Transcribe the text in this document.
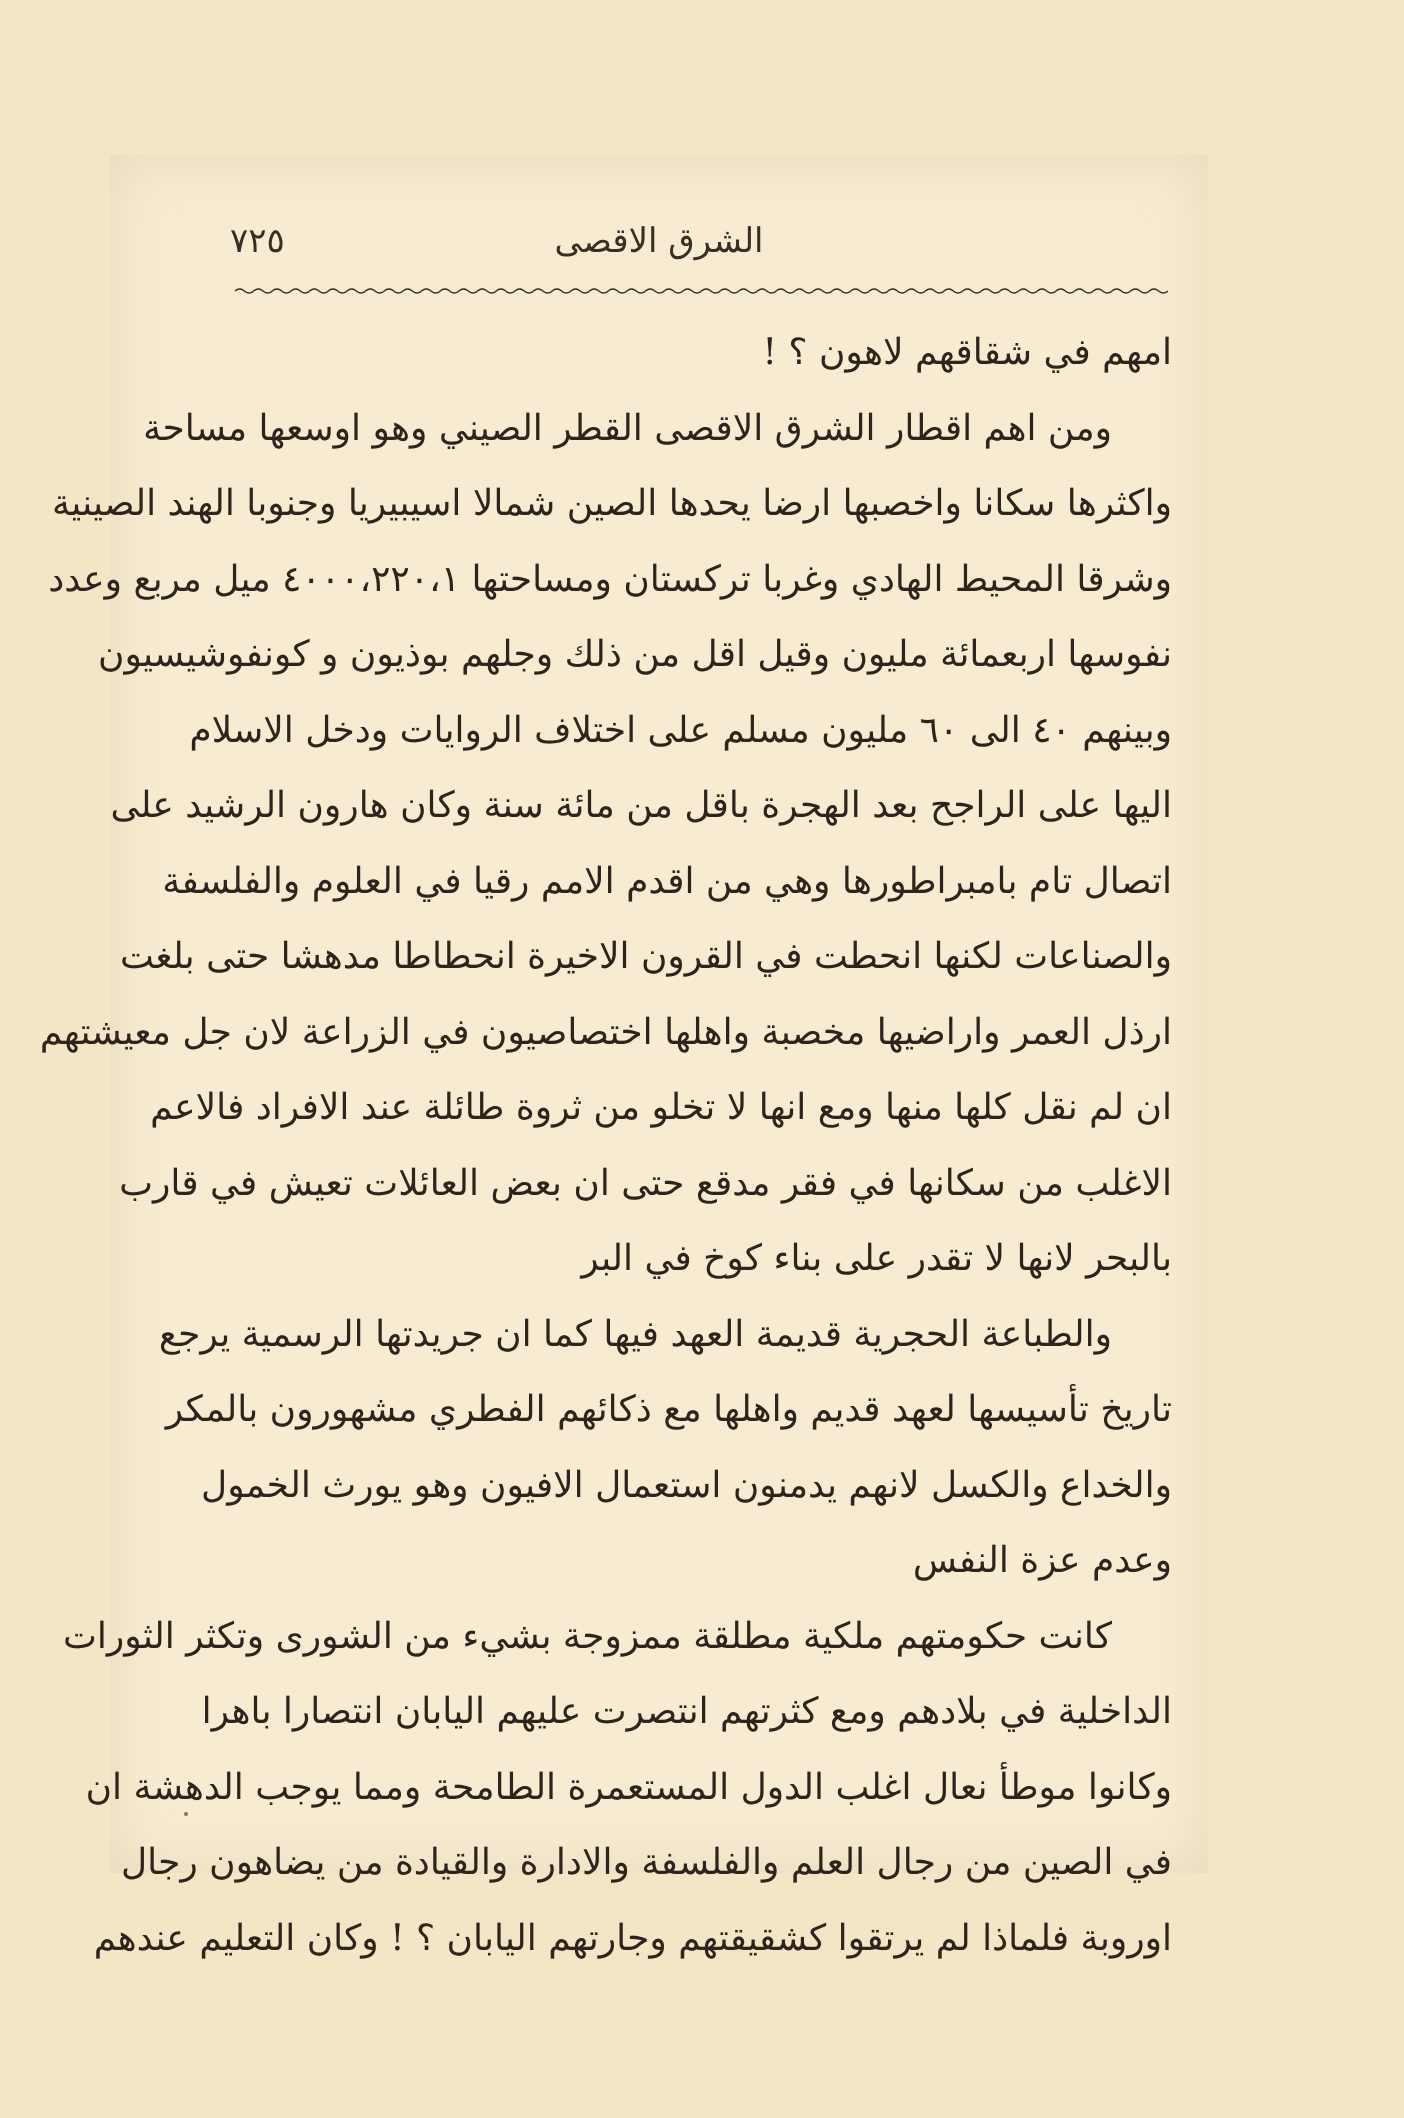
الشرق الاقصى
٧٢٥
امهم في شقاقهم لاهون ؟ !
ومن اهم اقطار الشرق الاقصى القطر الصيني وهو اوسعها مساحة
واكثرها سكانا واخصبها ارضا يحدها الصين شمالا اسيبيريا وجنوبا الهند الصينية
وشرقا المحيط الهادي وغربا تركستان ومساحتها ٤٠٠٠،٢٢٠،١ ميل مربع وعدد
نفوسها اربعمائة مليون وقيل اقل من ذلك وجلهم بوذيون و كونفوشيسيون
وبينهم ٤٠ الى ٦٠ مليون مسلم على اختلاف الروايات ودخل الاسلام
اليها على الراجح بعد الهجرة باقل من مائة سنة وكان هارون الرشيد على
اتصال تام بامبراطورها وهي من اقدم الامم رقيا في العلوم والفلسفة
والصناعات لكنها انحطت في القرون الاخيرة انحطاطا مدهشا حتى بلغت
ارذل العمر واراضيها مخصبة واهلها اختصاصيون في الزراعة لان جل معيشتهم
ان لم نقل كلها منها ومع انها لا تخلو من ثروة طائلة عند الافراد فالاعم
الاغلب من سكانها في فقر مدقع حتى ان بعض العائلات تعيش في قارب
بالبحر لانها لا تقدر على بناء كوخ في البر
والطباعة الحجرية قديمة العهد فيها كما ان جريدتها الرسمية يرجع
تاريخ تأسيسها لعهد قديم واهلها مع ذكائهم الفطري مشهورون بالمكر
والخداع والكسل لانهم يدمنون استعمال الافيون وهو يورث الخمول
وعدم عزة النفس
كانت حكومتهم ملكية مطلقة ممزوجة بشيء من الشورى وتكثر الثورات
الداخلية في بلادهم ومع كثرتهم انتصرت عليهم اليابان انتصارا باهرا
وكانوا موطأ نعال اغلب الدول المستعمرة الطامحة ومما يوجب الدهشة ان
في الصين من رجال العلم والفلسفة والادارة والقيادة من يضاهون رجال
اوروبة فلماذا لم يرتقوا كشقيقتهم وجارتهم اليابان ؟ ! وكان التعليم عندهم
